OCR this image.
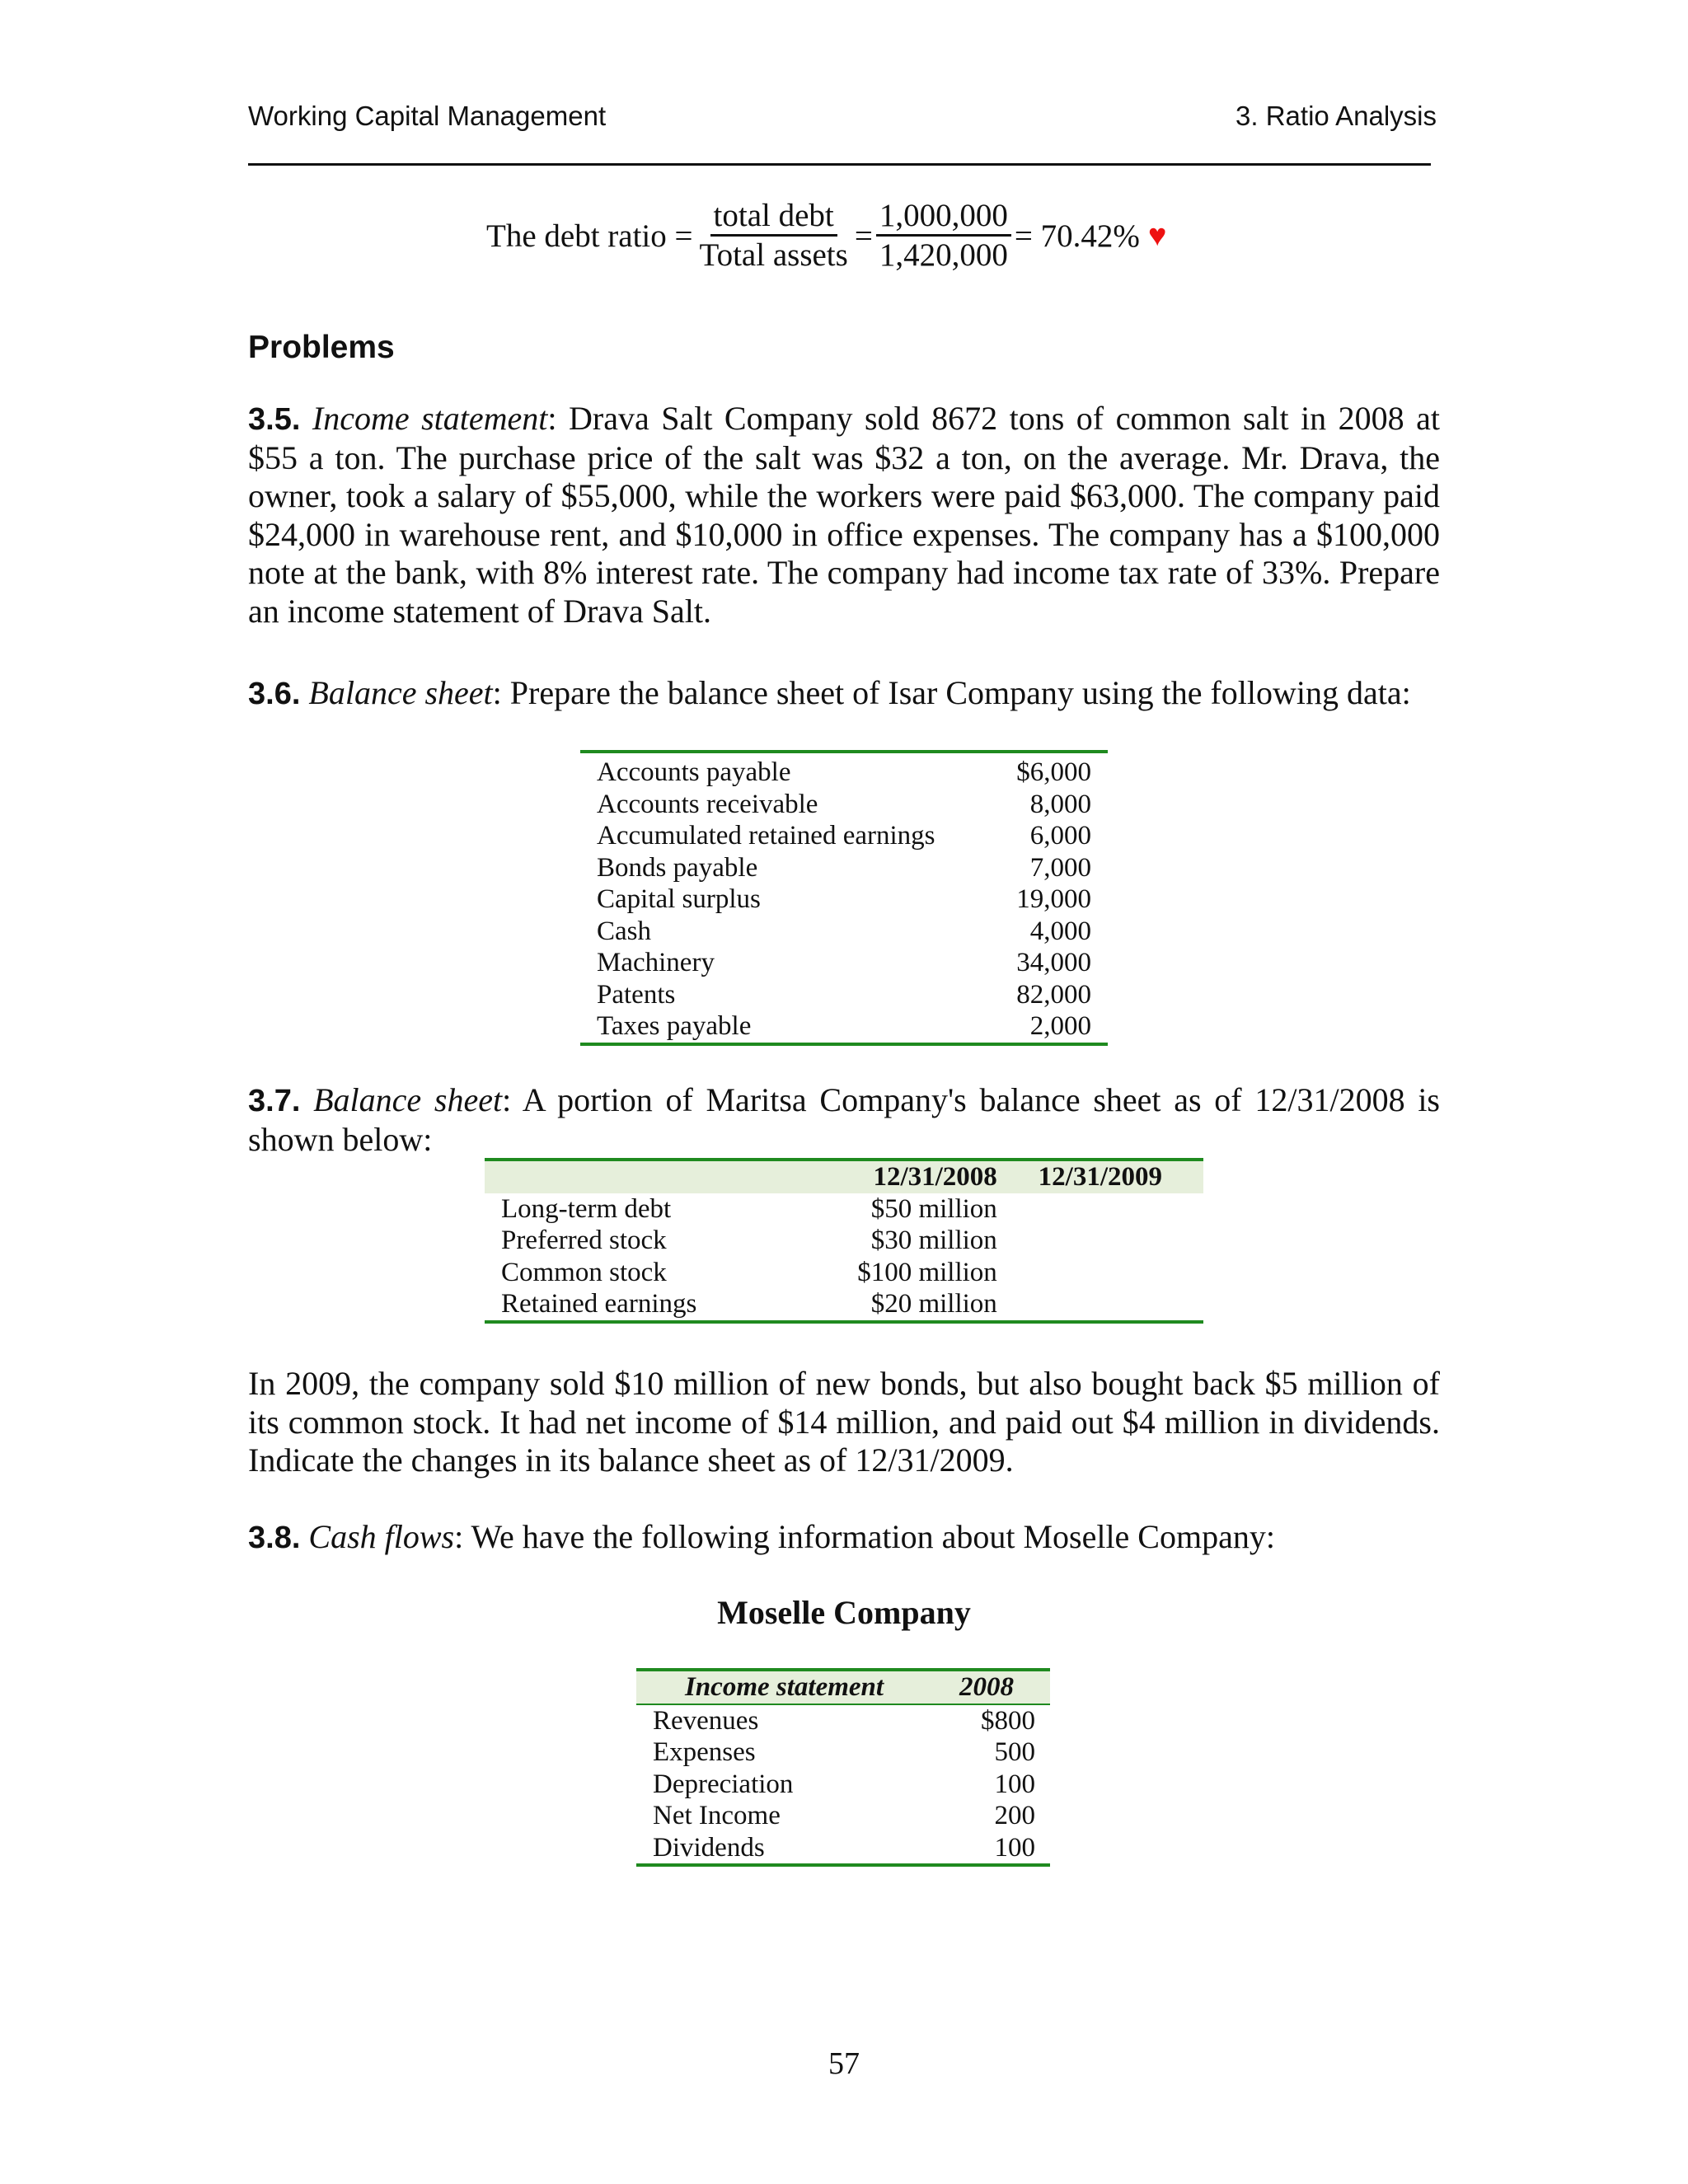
Working Capital Management	3. Ratio Analysis
The debt ratio = $\frac{\text{total debt}}{\text{Total assets}} = \frac{1,000,000}{1,420,000} = 70.42\%$ ♥
Problems
3.5. Income statement: Drava Salt Company sold 8672 tons of common salt in 2008 at $55 a ton. The purchase price of the salt was $32 a ton, on the average. Mr. Drava, the owner, took a salary of $55,000, while the workers were paid $63,000. The company paid $24,000 in warehouse rent, and $10,000 in office expenses. The company has a $100,000 note at the bank, with 8% interest rate. The company had income tax rate of 33%. Prepare an income statement of Drava Salt.
3.6. Balance sheet: Prepare the balance sheet of Isar Company using the following data:
Accounts payable	$6,000
Accounts receivable	8,000
Accumulated retained earnings	6,000
Bonds payable	7,000
Capital surplus	19,000
Cash	4,000
Machinery	34,000
Patents	82,000
Taxes payable	2,000
3.7. Balance sheet: A portion of Maritsa Company's balance sheet as of 12/31/2008 is shown below:
	12/31/2008	12/31/2009
Long-term debt	$50 million	
Preferred stock	$30 million	
Common stock	$100 million	
Retained earnings	$20 million	
In 2009, the company sold $10 million of new bonds, but also bought back $5 million of its common stock. It had net income of $14 million, and paid out $4 million in dividends. Indicate the changes in its balance sheet as of 12/31/2009.
3.8. Cash flows: We have the following information about Moselle Company:
Moselle Company
Income statement	2008
Revenues	$800
Expenses	500
Depreciation	100
Net Income	200
Dividends	100
57
